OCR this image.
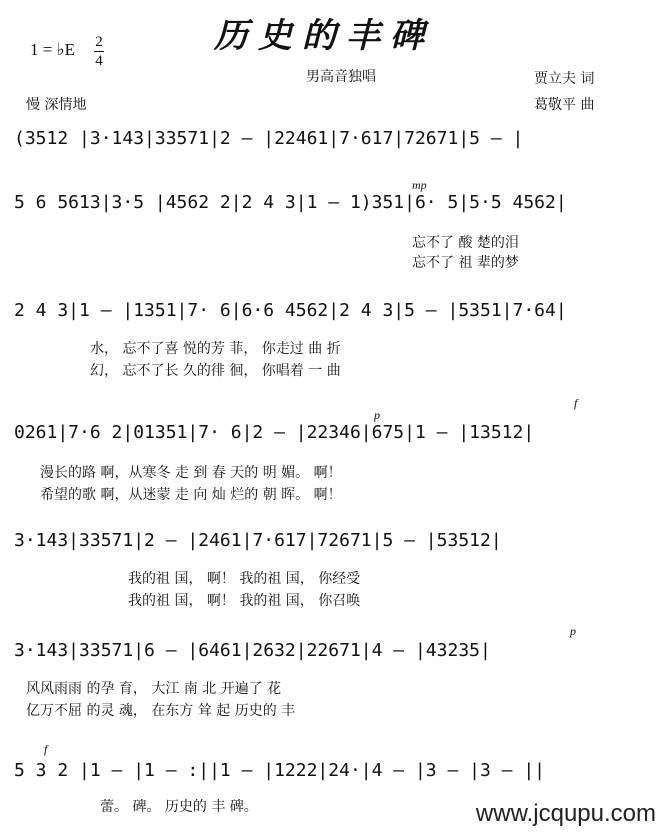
历史的丰碑
1 = ♭E 2
4
男高音独唱
慢 深情地
贾立夫 词
葛敬平 曲
(3512 |3·143|33571|2 — |22461|7·617|72671|5 — |
5 6 5613|3·5 |4562 2|2 4 3|1 — 1)351|6· 5|5·5 4562|
mp
忘不了 酸 楚的泪
忘不了 祖 辈的梦
2 4 3|1 — |1351|7· 6|6·6 4562|2 4 3|5 — |5351|7·64|
水， 忘不了喜 悦的芳 菲， 你走过 曲 折
幻， 忘不了长 久的徘 徊， 你唱着 一 曲
0261|7·6 2|01351|7· 6|2 — |22346|675|1 — |13512|
p
f
漫长的路 啊，从寒冬 走 到 春 天的 明 媚。 啊！
希望的歌 啊，从迷蒙 走 向 灿 烂的 朝 晖。 啊！
3·143|33571|2 — |2461|7·617|72671|5 — |53512|
我的祖 国， 啊！ 我的祖 国， 你经受
我的祖 国， 啊！ 我的祖 国， 你召唤
3·143|33571|6 — |6461|2632|22671|4 — |43235|
p
风风雨雨 的孕 育， 大江 南 北 开遍了 花
亿万不屈 的灵 魂， 在东方 耸 起 历史的 丰
f
5 3 2 |1 — |1 — :||1 — |1222|24·|4 — |3 — |3 — ||
蕾。 碑。 历史的 丰 碑。	www.jcqupu.com
